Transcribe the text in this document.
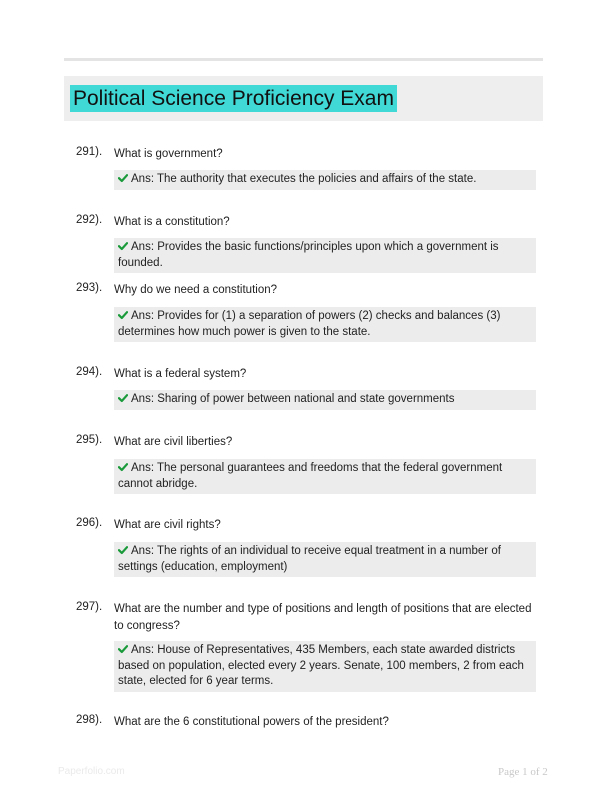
Political Science Proficiency Exam
291). What is government?
Ans: The authority that executes the policies and affairs of the state.
292). What is a constitution?
Ans: Provides the basic functions/principles upon which a government is founded.
293). Why do we need a constitution?
Ans: Provides for (1) a separation of powers (2) checks and balances (3) determines how much power is given to the state.
294). What is a federal system?
Ans: Sharing of power between national and state governments
295). What are civil liberties?
Ans: The personal guarantees and freedoms that the federal government cannot abridge.
296). What are civil rights?
Ans: The rights of an individual to receive equal treatment in a number of settings (education, employment)
297). What are the number and type of positions and length of positions that are elected to congress?
Ans: House of Representatives, 435 Members, each state awarded districts based on population, elected every 2 years. Senate, 100 members, 2 from each state, elected for 6 year terms.
298). What are the 6 constitutional powers of the president?
Paperfolio.com	Page 1 of 2
